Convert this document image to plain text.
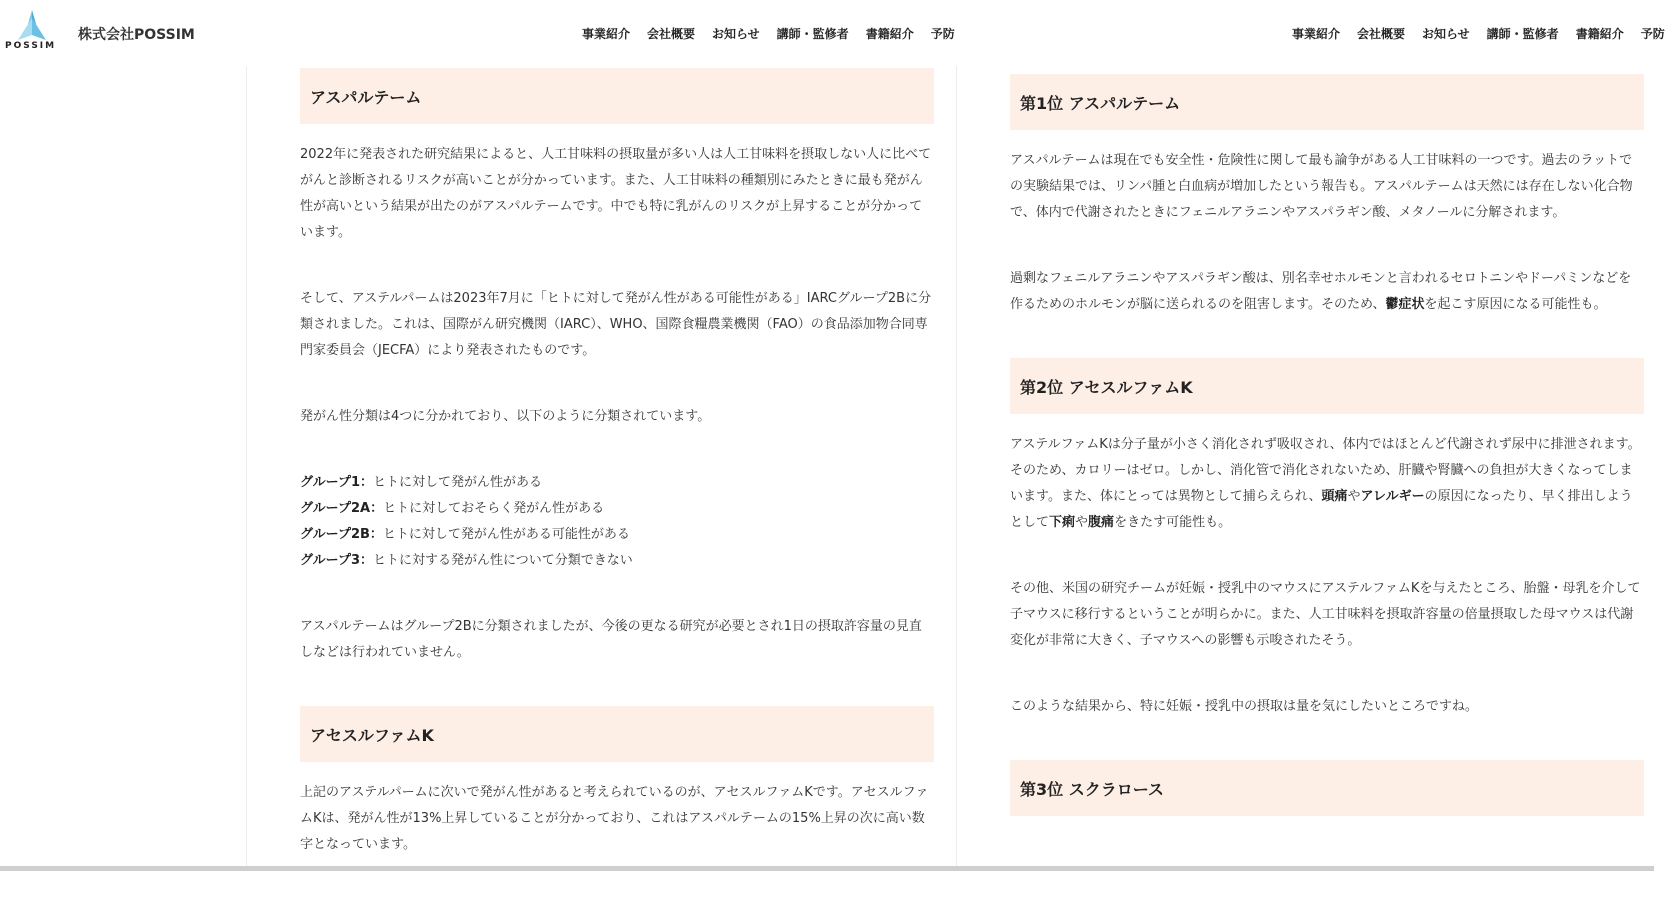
POSSIM
株式会社POSSIM	事業紹介 会社概要 お知らせ 講師・監修者 書籍紹介 予防	事業紹介 会社概要 お知らせ 講師・監修者 書籍紹介 予防
アスパルテーム

2022年に発表された研究結果によると、人工甘味料の摂取量が多い人は人工甘味料を摂取しない人に比べてがんと診断されるリスクが高いことが分かっています。また、人工甘味料の種類別にみたときに最も発がん性が高いという結果が出たのがアスパルテームです。中でも特に乳がんのリスクが上昇することが分かっています。

そして、アステルパームは2023年7月に「ヒトに対して発がん性がある可能性がある」IARCグループ2Bに分類されました。これは、国際がん研究機関（IARC）、WHO、国際食糧農業機関（FAO）の食品添加物合同専門家委員会（JECFA）により発表されたものです。

発がん性分類は4つに分かれており、以下のように分類されています。

グループ1：ヒトに対して発がん性がある
グループ2A：ヒトに対しておそらく発がん性がある
グループ2B：ヒトに対して発がん性がある可能性がある
グループ3：ヒトに対する発がん性について分類できない

アスパルテームはグループ2Bに分類されましたが、今後の更なる研究が必要とされ1日の摂取許容量の見直しなどは行われていません。

アセスルファムK

上記のアステルパームに次いで発がん性があると考えられているのが、アセスルファムKです。アセスルファムKは、発がん性が13%上昇していることが分かっており、これはアスパルテームの15%上昇の次に高い数字となっています。

第1位 アスパルテーム

アスパルテームは現在でも安全性・危険性に関して最も論争がある人工甘味料の一つです。過去のラットでの実験結果では、リンパ腫と白血病が増加したという報告も。アスパルテームは天然には存在しない化合物で、体内で代謝されたときにフェニルアラニンやアスパラギン酸、メタノールに分解されます。

過剰なフェニルアラニンやアスパラギン酸は、別名幸せホルモンと言われるセロトニンやドーパミンなどを作るためのホルモンが脳に送られるのを阻害します。そのため、鬱症状を起こす原因になる可能性も。

第2位 アセスルファムK

アステルファムKは分子量が小さく消化されず吸収され、体内ではほとんど代謝されず尿中に排泄されます。そのため、カロリーはゼロ。しかし、消化管で消化されないため、肝臓や腎臓への負担が大きくなってしまいます。また、体にとっては異物として捕らえられ、頭痛やアレルギーの原因になったり、早く排出しようとして下痢や腹痛をきたす可能性も。

その他、米国の研究チームが妊娠・授乳中のマウスにアステルファムKを与えたところ、胎盤・母乳を介して子マウスに移行するということが明らかに。また、人工甘味料を摂取許容量の倍量摂取した母マウスは代謝変化が非常に大きく、子マウスへの影響も示唆されたそう。

このような結果から、特に妊娠・授乳中の摂取は量を気にしたいところですね。

第3位 スクラロース
